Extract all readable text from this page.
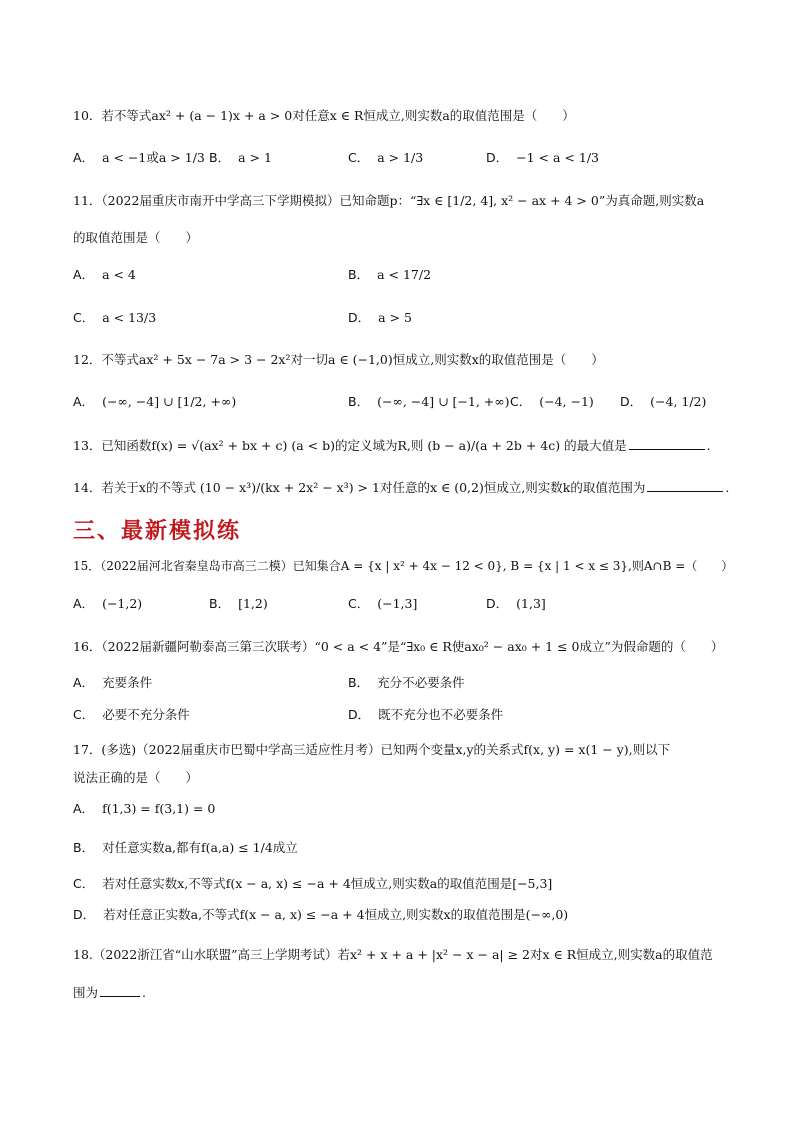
10．若不等式ax² + (a − 1)x + a > 0对任意x ∈ R恒成立,则实数a的取值范围是（　　）
A． a < −1或a > 1/3 B． a > 1	C． a > 1/3	D． −1 < a < 1/3
11．（2022届重庆市南开中学高三下学期模拟）已知命题p：“∃x ∈ [1/2, 4], x² − ax + 4 > 0”为真命题,则实数a
的取值范围是（　　）
A． a < 4	B． a < 17/2
C． a < 13/3	D． a > 5
12．不等式ax² + 5x − 7a > 3 − 2x²对一切a ∈ (−1,0)恒成立,则实数x的取值范围是（　　）
A． (−∞, −4] ∪ [1/2, +∞)	B． (−∞, −4] ∪ [−1, +∞) C． (−4, −1) D． (−4, 1/2)
13．已知函数f(x) = √(ax² + bx + c) (a < b)的定义域为R,则 (b − a)/(a + 2b + 4c) 的最大值是	.
14．若关于x的不等式 (10 − x³)/(kx + 2x² − x³) > 1对任意的x ∈ (0,2)恒成立,则实数k的取值范围为	.
三、最新模拟练
15．（2022届河北省秦皇岛市高三二模）已知集合A = {x | x² + 4x − 12 < 0}, B = {x | 1 < x ≤ 3},则A∩B =（　　）
A． (−1,2)	B． [1,2)	C． (−1,3]	D． (1,3]
16．（2022届新疆阿勒泰高三第三次联考）“0 < a < 4”是“∃x₀ ∈ R使ax₀² − ax₀ + 1 ≤ 0成立”为假命题的（　　）
A． 充要条件	B． 充分不必要条件
C． 必要不充分条件	D． 既不充分也不必要条件
17．(多选)（2022届重庆市巴蜀中学高三适应性月考）已知两个变量x,y的关系式f(x, y) = x(1 − y),则以下
说法正确的是（　　）
A． f(1,3) = f(3,1) = 0
B． 对任意实数a,都有f(a,a) ≤ 1/4成立
C． 若对任意实数x,不等式f(x − a, x) ≤ −a + 4恒成立,则实数a的取值范围是[−5,3]
D． 若对任意正实数a,不等式f(x − a, x) ≤ −a + 4恒成立,则实数x的取值范围是(−∞,0)
18.（2022浙江省“山水联盟”高三上学期考试）若x² + x + a + |x² − x − a| ≥ 2对x ∈ R恒成立,则实数a的取值范
围为	.
